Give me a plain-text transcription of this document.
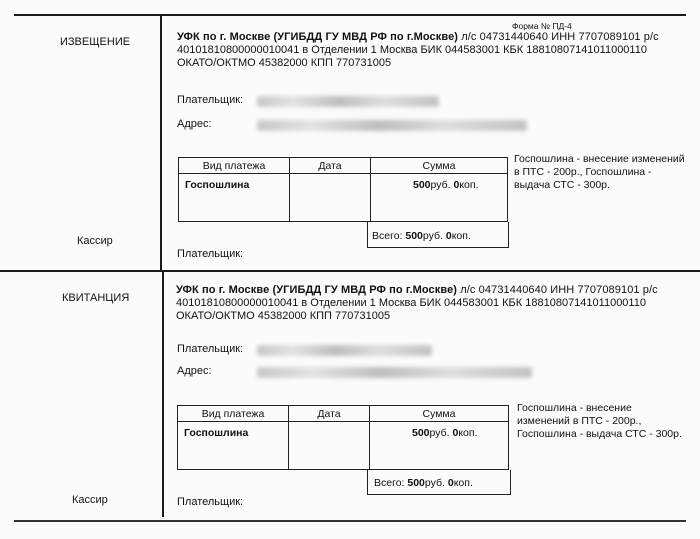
Форма № ПД-4
ИЗВЕЩЕНИЕ	УФК по г. Москве (УГИБДД ГУ МВД РФ по г.Москве) л/с 04731440640 ИНН 7707089101 р/с
40101810800000010041 в Отделении 1 Москва БИК 044583001 КБК 18810807141011000110
ОКАТО/ОКТМО 45382000 КПП 770731005
Плательщик:
Адрес:
Вид платежа	Дата	Сумма
Госпошлина		500руб. 0коп.
Всего: 500руб. 0коп.
Госпошлина - внесение изменений
в ПТС - 200р., Госпошлина -
выдача СТС - 300р.
Кассир
Плательщик:
КВИТАНЦИЯ
УФК по г. Москве (УГИБДД ГУ МВД РФ по г.Москве) л/с 04731440640 ИНН 7707089101 р/с
40101810800000010041 в Отделении 1 Москва БИК 044583001 КБК 18810807141011000110
ОКАТО/ОКТМО 45382000 КПП 770731005
Плательщик:
Адрес:
Вид платежа	Дата	Сумма
Госпошлина		500руб. 0коп.
Всего: 500руб. 0коп.
Госпошлина - внесение
изменений в ПТС - 200р.,
Госпошлина - выдача СТС - 300р.
Кассир	Плательщик:
